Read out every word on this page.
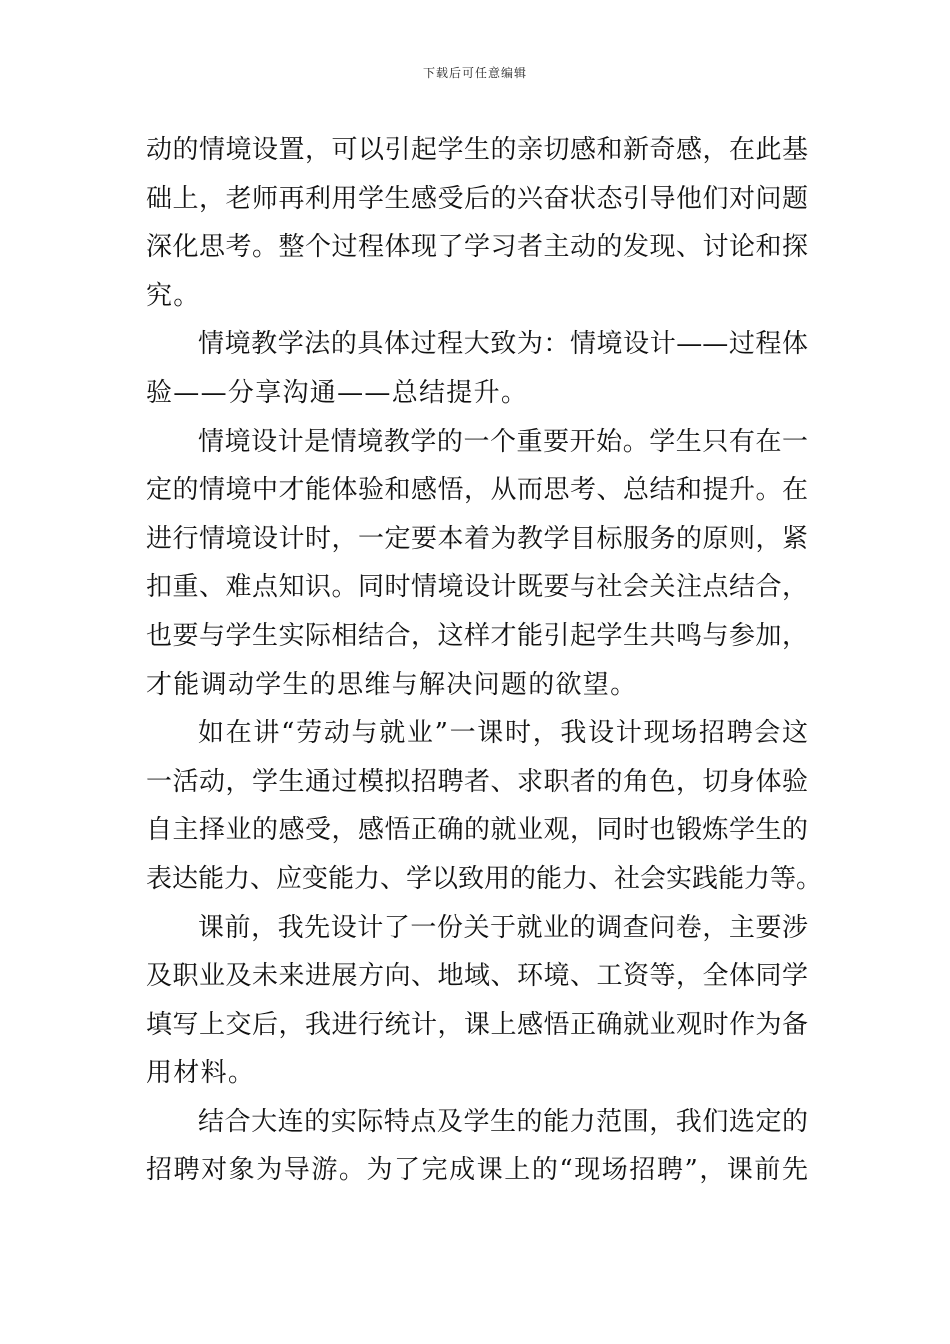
下载后可任意编辑
动的情境设置，可以引起学生的亲切感和新奇感，在此基
础上，老师再利用学生感受后的兴奋状态引导他们对问题
深化思考。整个过程体现了学习者主动的发现、讨论和探
究。
情境教学法的具体过程大致为：情境设计——过程体
验——分享沟通——总结提升。
情境设计是情境教学的一个重要开始。学生只有在一
定的情境中才能体验和感悟，从而思考、总结和提升。在
进行情境设计时，一定要本着为教学目标服务的原则，紧
扣重、难点知识。同时情境设计既要与社会关注点结合，
也要与学生实际相结合，这样才能引起学生共鸣与参加，
才能调动学生的思维与解决问题的欲望。
如在讲“劳动与就业”一课时，我设计现场招聘会这
一活动，学生通过模拟招聘者、求职者的角色，切身体验
自主择业的感受，感悟正确的就业观，同时也锻炼学生的
表达能力、应变能力、学以致用的能力、社会实践能力等。
课前，我先设计了一份关于就业的调查问卷，主要涉
及职业及未来进展方向、地域、环境、工资等，全体同学
填写上交后，我进行统计，课上感悟正确就业观时作为备
用材料。
结合大连的实际特点及学生的能力范围，我们选定的
招聘对象为导游。为了完成课上的“现场招聘”，课前先
